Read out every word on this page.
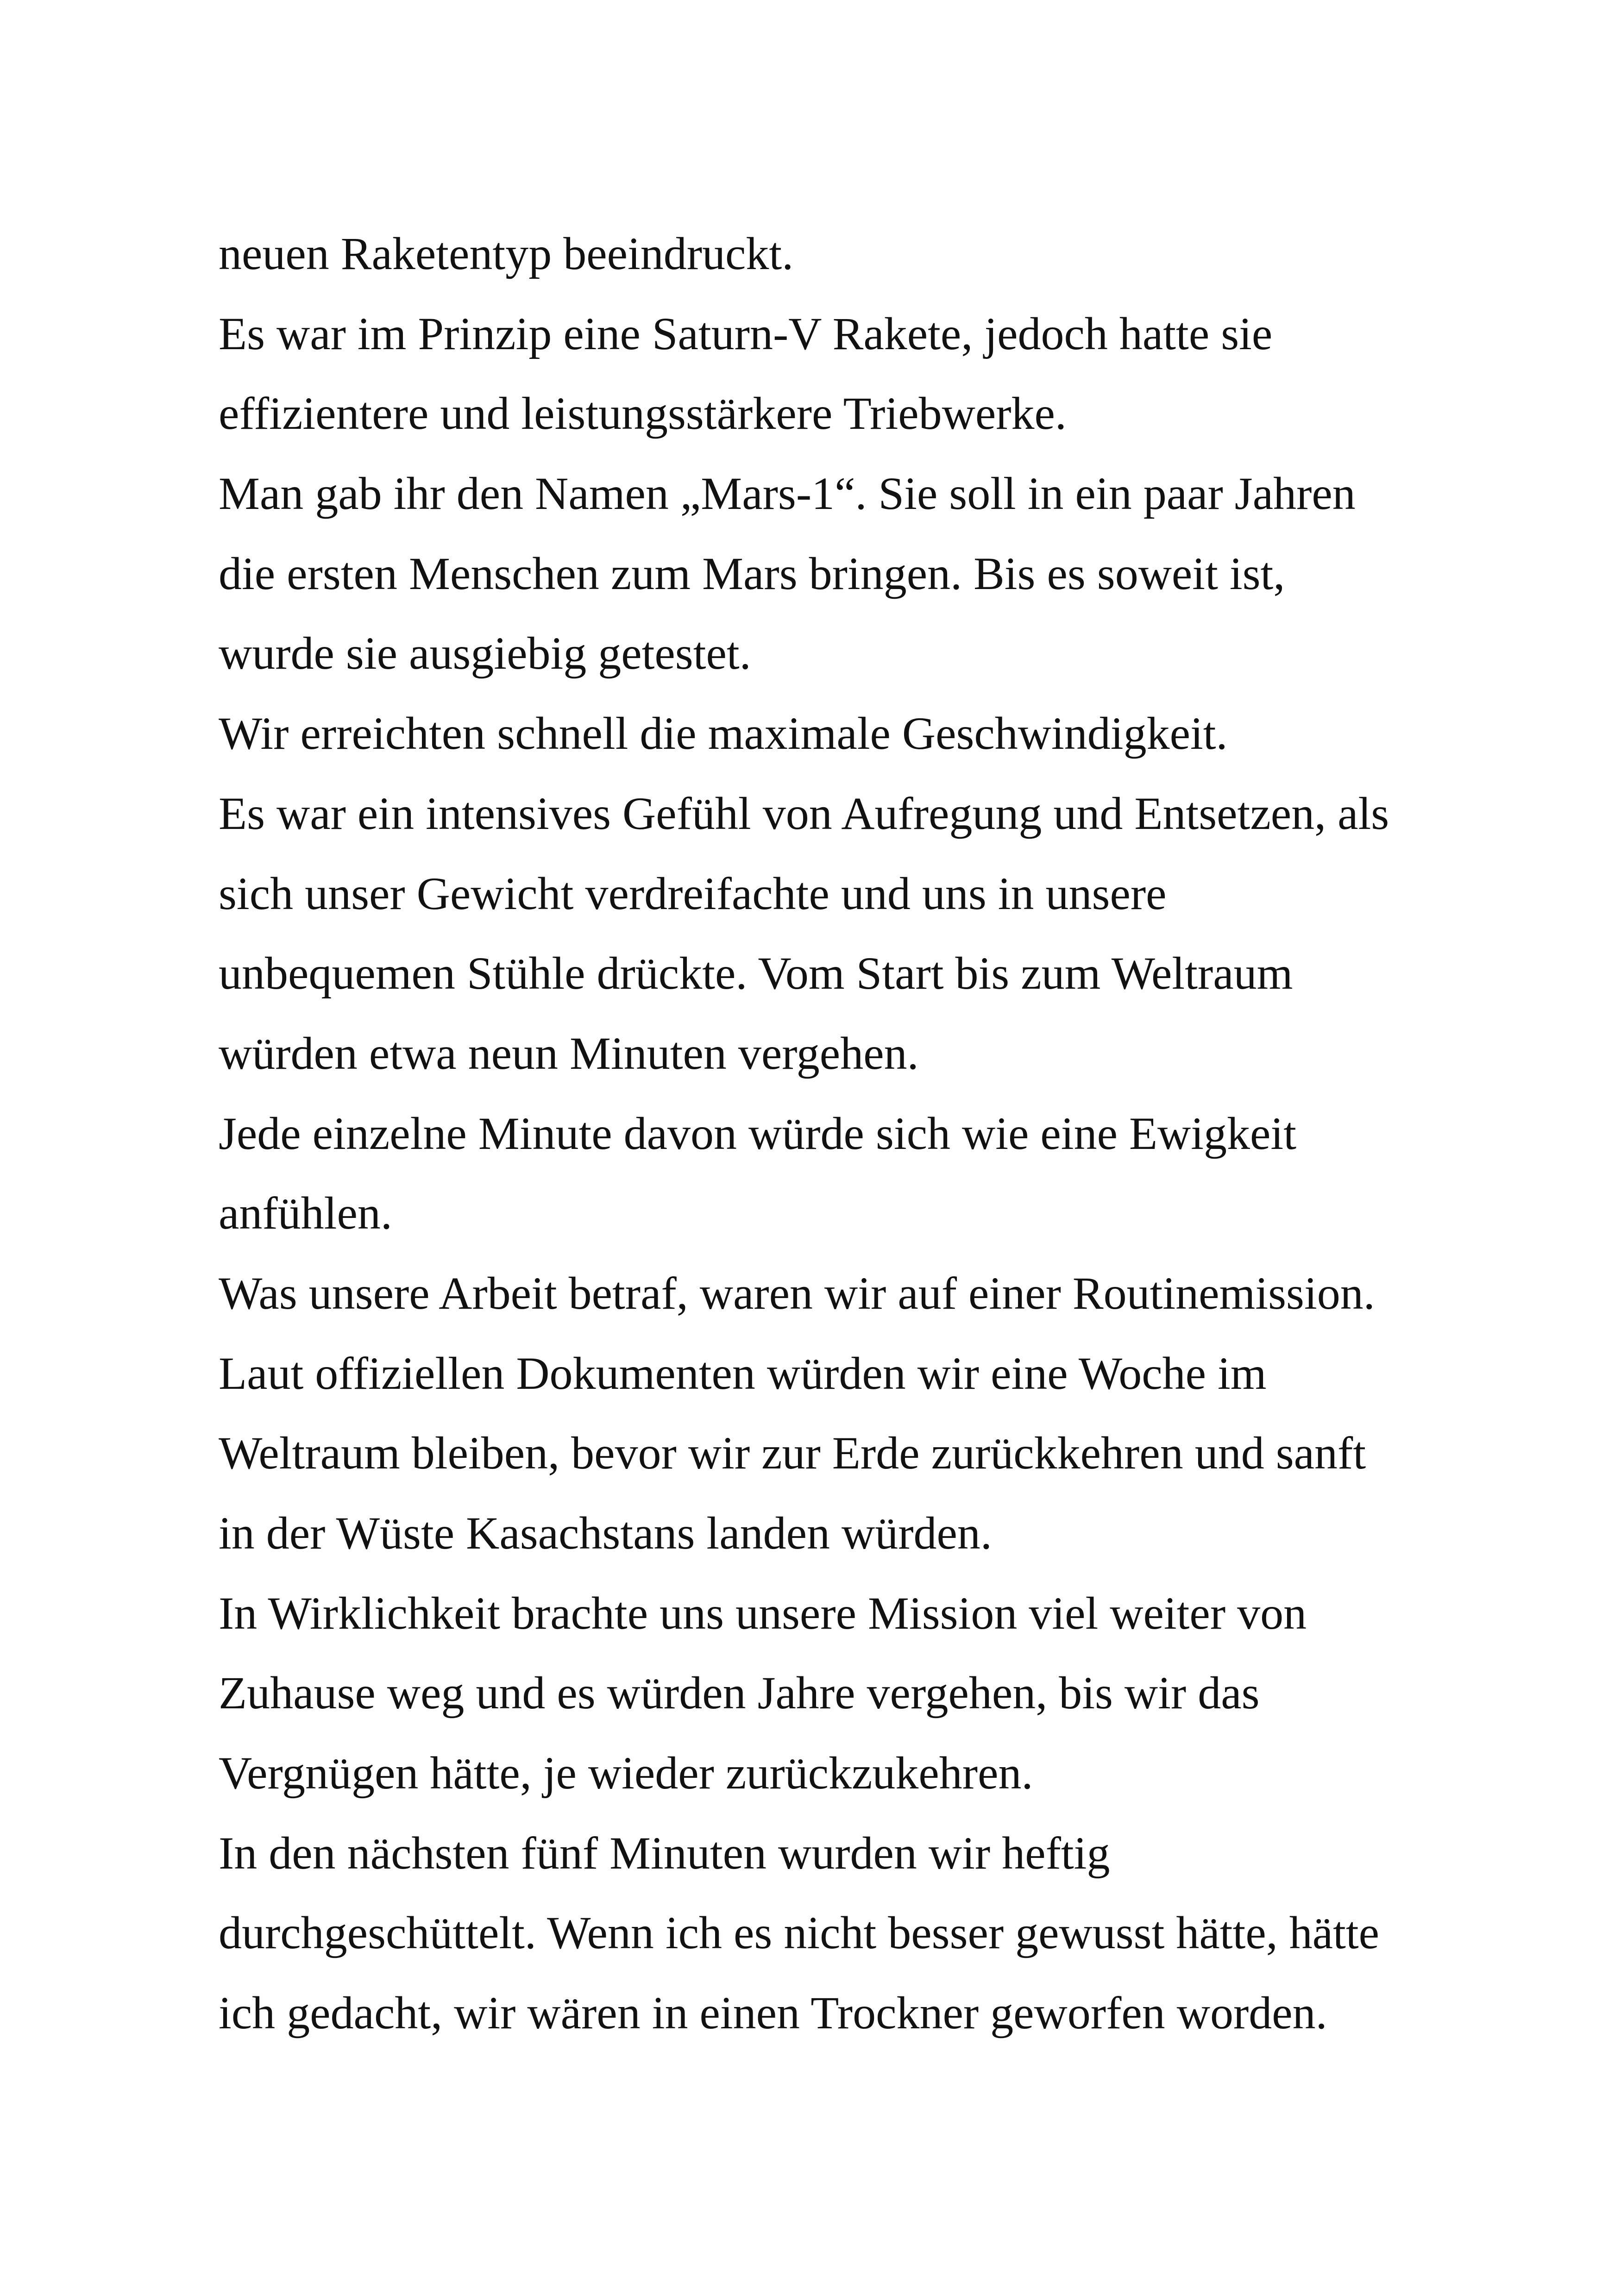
neuen Raketentyp beeindruckt.

Es war im Prinzip eine Saturn-V Rakete, jedoch hatte sie

effizientere und leistungsstärkere Triebwerke.

Man gab ihr den Namen „Mars-1“. Sie soll in ein paar Jahren

die ersten Menschen zum Mars bringen. Bis es soweit ist,

wurde sie ausgiebig getestet.

Wir erreichten schnell die maximale Geschwindigkeit.

Es war ein intensives Gefühl von Aufregung und Entsetzen, als

sich unser Gewicht verdreifachte und uns in unsere

unbequemen Stühle drückte. Vom Start bis zum Weltraum

würden etwa neun Minuten vergehen.

Jede einzelne Minute davon würde sich wie eine Ewigkeit

anfühlen.

Was unsere Arbeit betraf, waren wir auf einer Routinemission.

Laut offiziellen Dokumenten würden wir eine Woche im

Weltraum bleiben, bevor wir zur Erde zurückkehren und sanft

in der Wüste Kasachstans landen würden.

In Wirklichkeit brachte uns unsere Mission viel weiter von

Zuhause weg und es würden Jahre vergehen, bis wir das

Vergnügen hätte, je wieder zurückzukehren.

In den nächsten fünf Minuten wurden wir heftig

durchgeschüttelt. Wenn ich es nicht besser gewusst hätte, hätte

ich gedacht, wir wären in einen Trockner geworfen worden.
